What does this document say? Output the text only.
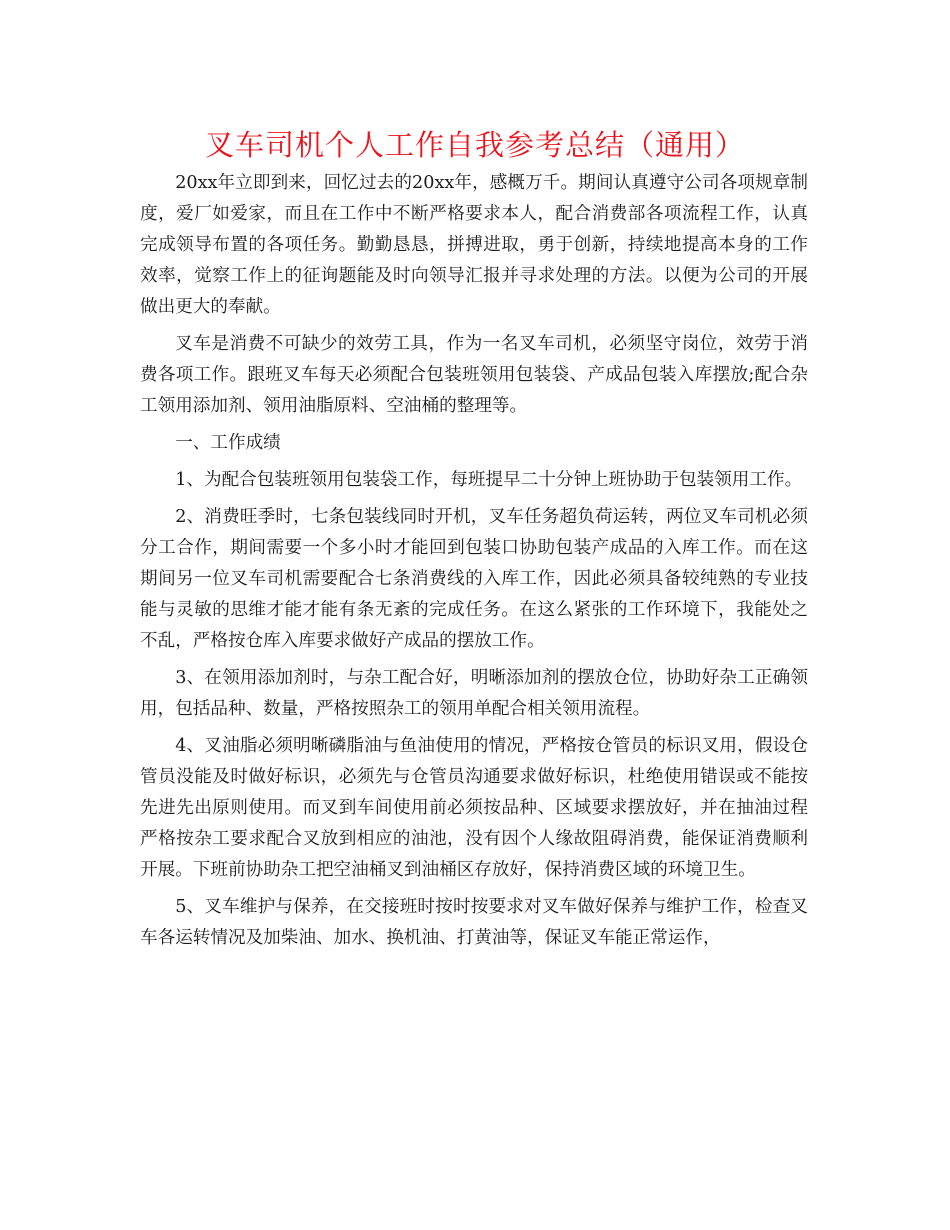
叉车司机个人工作自我参考总结（通用）

20xx年立即到来，回忆过去的20xx年，感概万千。期间认真遵守公司各项规章制度，爱厂如爱家，而且在工作中不断严格要求本人，配合消费部各项流程工作，认真完成领导布置的各项任务。勤勤恳恳，拼搏进取，勇于创新，持续地提高本身的工作效率，觉察工作上的征询题能及时向领导汇报并寻求处理的方法。以便为公司的开展做出更大的奉献。

叉车是消费不可缺少的效劳工具，作为一名叉车司机，必须坚守岗位，效劳于消费各项工作。跟班叉车每天必须配合包装班领用包装袋、产成品包装入库摆放;配合杂工领用添加剂、领用油脂原料、空油桶的整理等。

一、工作成绩

1、为配合包装班领用包装袋工作，每班提早二十分钟上班协助于包装领用工作。

2、消费旺季时，七条包装线同时开机，叉车任务超负荷运转，两位叉车司机必须分工合作，期间需要一个多小时才能回到包装口协助包装产成品的入库工作。而在这期间另一位叉车司机需要配合七条消费线的入库工作，因此必须具备较纯熟的专业技能与灵敏的思维才能才能有条无紊的完成任务。在这么紧张的工作环境下，我能处之不乱，严格按仓库入库要求做好产成品的摆放工作。

3、在领用添加剂时，与杂工配合好，明晰添加剂的摆放仓位，协助好杂工正确领用，包括品种、数量，严格按照杂工的领用单配合相关领用流程。

4、叉油脂必须明晰磷脂油与鱼油使用的情况，严格按仓管员的标识叉用，假设仓管员没能及时做好标识，必须先与仓管员沟通要求做好标识，杜绝使用错误或不能按先进先出原则使用。而叉到车间使用前必须按品种、区域要求摆放好，并在抽油过程严格按杂工要求配合叉放到相应的油池，没有因个人缘故阻碍消费，能保证消费顺利开展。下班前协助杂工把空油桶叉到油桶区存放好，保持消费区域的环境卫生。

5、叉车维护与保养，在交接班时按时按要求对叉车做好保养与维护工作，检查叉车各运转情况及加柴油、加水、换机油、打黄油等，保证叉车能正常运作，
